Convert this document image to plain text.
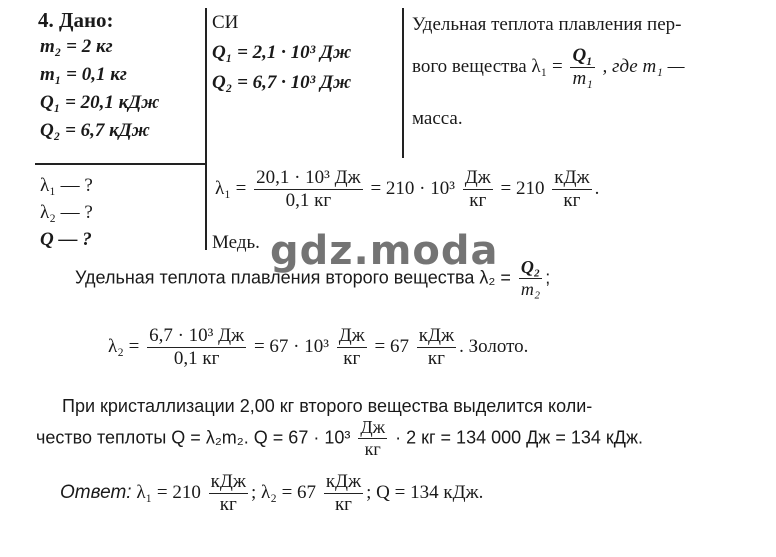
4. Дано:
m₂ = 2 кг
m₁ = 0,1 кг
Q₁ = 20,1 кДж
Q₂ = 6,7 кДж
λ₁ — ?
λ₂ — ?
Q — ?
СИ
Q₁ = 2,1 · 10³ Дж
Q₂ = 6,7 · 10³ Дж
Удельная теплота плавления пер-
вого вещества $\lambda_1 = \frac{\text{Q₁}}{\text{m₁}}$ , где m₁ —
масса.
$\lambda_1 = \frac{\text{20,1 · 10³ Дж}}{0,1 кг} = 210 \cdot 10^3 \frac{Дж}{кг} = 210 \frac{\text{кДж}}{кг}$ .
Медь. gdz.moda
Удельная теплота плавления второго вещества $\lambda_2 = \frac{\text{Q₂}}{\text{m₂}}$ ;
$\lambda_2 = \frac{\text{6,7 · 10³ Дж}}{0,1 кг} = 67 \cdot 10^3 \frac{Дж}{кг} = 67 \frac{\text{кДж}}{кг}$ . Золото.
При кристаллизации 2,00 кг второго вещества выделится коли-
чество теплоты Q = λ₂m₂. $Q = 67 \cdot 10^3 \frac{Дж}{кг} \cdot 2$ кг = 134 000 Дж = 134 кДж.
Ответ: $\lambda_1 = 210 \frac{\text{кДж}}{кг}$ ; $\lambda_2 = 67 \frac{\text{кДж}}{кг}$ ; Q = 134 кДж.
